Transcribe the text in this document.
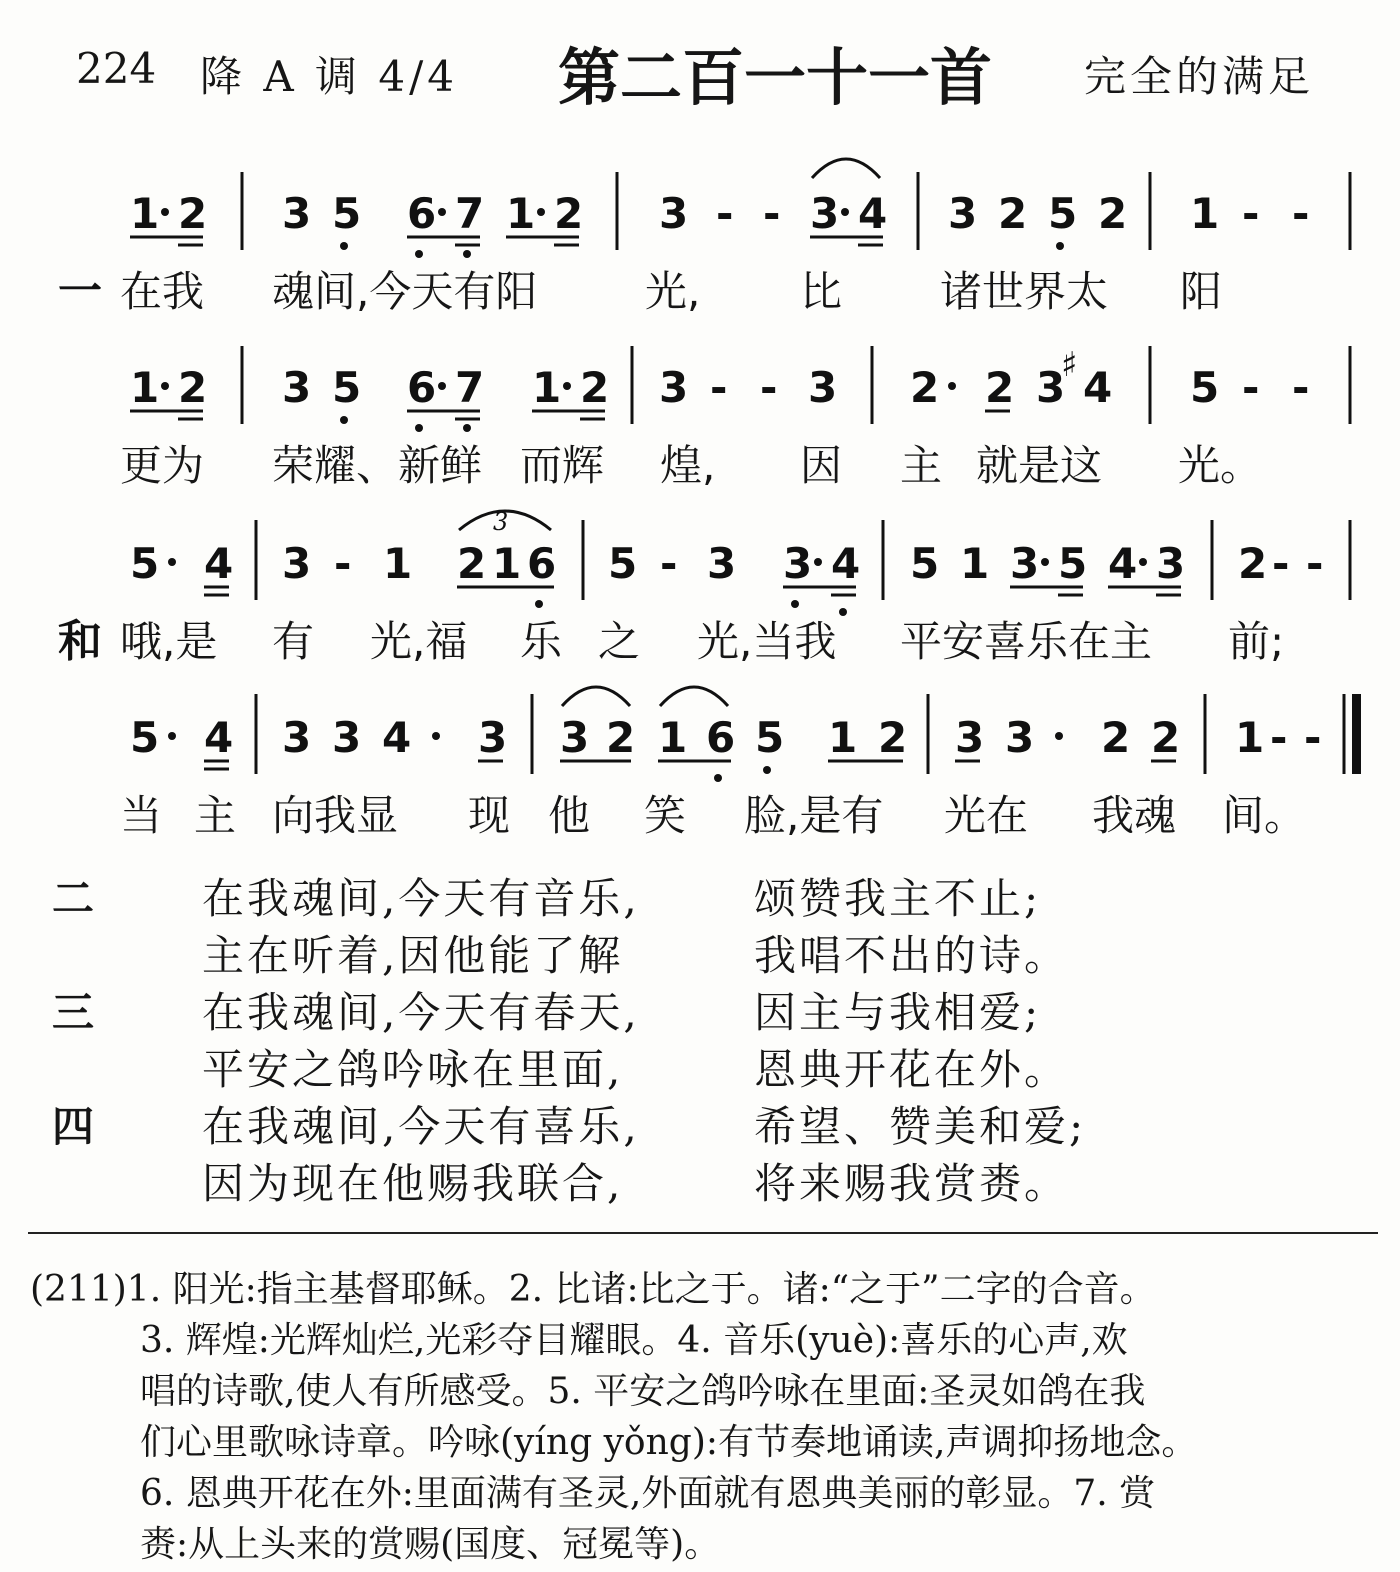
224 降 A 调 4/4 第二百一十一首 完全的满足
1 2 3 5 6 7 1 2 3 - - 3 4 3 2 5 2 1 - -
一 在我 魂间,今天有阳	光, 比 诸世界太 阳
1 2 3 5 6 7 1 2 3 - - 3 2 2 3 4 5 - -
♯
更为 荣耀、新鲜 而辉 煌, 因 主 就是这 光。
5 4 3 - 1 2 1 6 5 - 3 3 4 5 1 3 5 4 3 2 - -
3
和 哦,是 有 光,福 乐 之 光,当我 平安喜乐在主 前;
5 4 3 3 4 3 3 2 1 6 5 1 2 3 3 2 2 1 - -
当 主 向我显 现 他 笑 脸,是有 光在 我魂 间。
二	在我魂间,今天有音乐,	颂赞我主不止;
主在听着,因他能了解	我唱不出的诗。
三	在我魂间,今天有春天,	因主与我相爱;
平安之鸽吟咏在里面,	恩典开花在外。
四	在我魂间,今天有喜乐,	希望、赞美和爱;
因为现在他赐我联合,	将来赐我赏赉。
(211)1. 阳光:指主基督耶稣。2. 比诸:比之于。诸:“之于”二字的合音。
3. 辉煌:光辉灿烂,光彩夺目耀眼。4. 音乐(yuè):喜乐的心声,欢
唱的诗歌,使人有所感受。5. 平安之鸽吟咏在里面:圣灵如鸽在我
们心里歌咏诗章。吟咏(yíng yǒng):有节奏地诵读,声调抑扬地念。
6. 恩典开花在外:里面满有圣灵,外面就有恩典美丽的彰显。7. 赏
赉:从上头来的赏赐(国度、冠冕等)。
